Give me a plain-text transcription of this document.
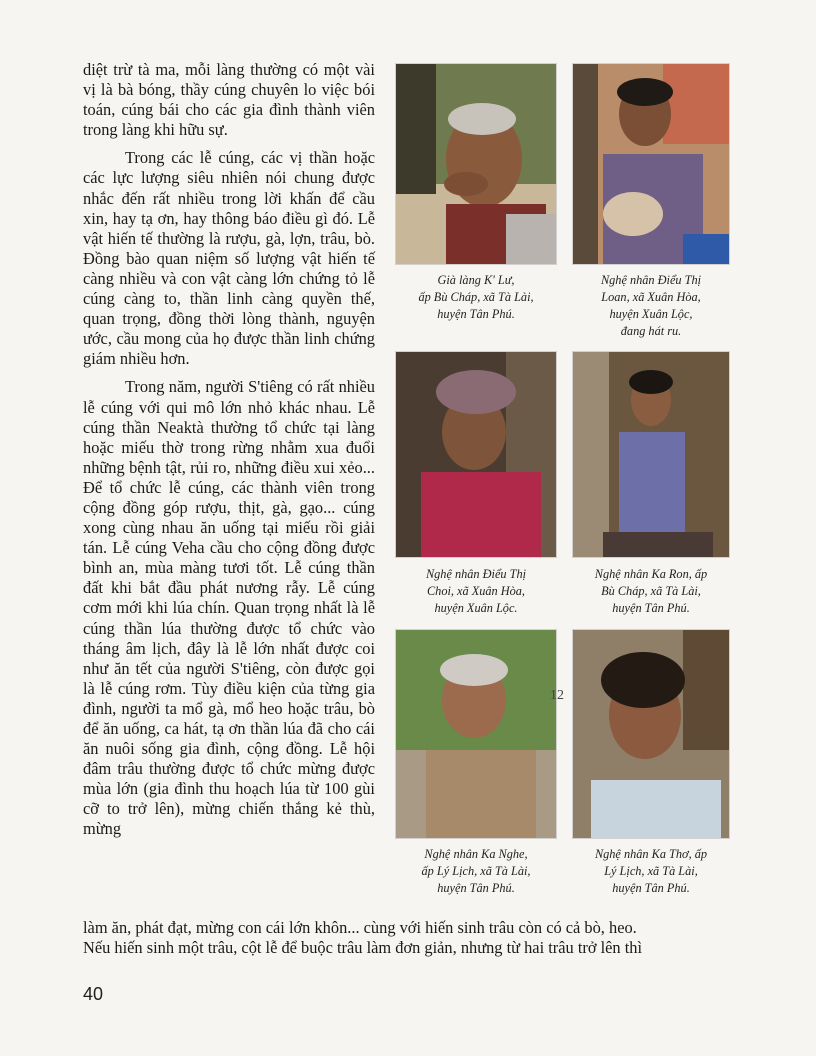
diệt trừ tà ma, mỗi làng thường có một vài vị là bà bóng, thầy cúng chuyên lo việc bói toán, cúng bái cho các gia đình thành viên trong làng khi hữu sự.

Trong các lễ cúng, các vị thần hoặc các lực lượng siêu nhiên nói chung được nhắc đến rất nhiều trong lời khấn để cầu xin, hay tạ ơn, hay thông báo điều gì đó. Lễ vật hiến tế thường là rượu, gà, lợn, trâu, bò. Đồng bào quan niệm số lượng vật hiến tế càng nhiều và con vật càng lớn chứng tỏ lễ cúng càng to, thần linh càng quyền thế, quan trọng, đồng thời lòng thành, nguyện ước, cầu mong của họ được thần linh chứng giám nhiều hơn.

Trong năm, người S'tiêng có rất nhiều lễ cúng với qui mô lớn nhỏ khác nhau. Lễ cúng thần Neaktà thường tổ chức tại làng hoặc miếu thờ trong rừng nhằm xua đuổi những bệnh tật, rủi ro, những điều xui xẻo... Để tổ chức lễ cúng, các thành viên trong cộng đồng góp rượu, thịt, gà, gạo... cúng xong cùng nhau ăn uống tại miếu rồi giải tán. Lễ cúng Veha cầu cho cộng đồng được bình an, mùa màng tươi tốt. Lễ cúng thần đất khi bắt đầu phát nương rẫy. Lễ cúng cơm mới khi lúa chín. Quan trọng nhất là lễ cúng thần lúa thường được tổ chức vào tháng âm lịch, đây là lễ lớn nhất được coi như ăn tết của người S'tiêng, còn được gọi là lễ cúng rơm. Tùy điều kiện của từng gia đình, người ta mổ gà, mổ heo hoặc trâu, bò để ăn uống, ca hát, tạ ơn thần lúa đã cho cái ăn nuôi sống gia đình, cộng đồng. Lễ hội đâm trâu thường được tổ chức mừng được mùa lớn (gia đình thu hoạch lúa từ 100 gùi cỡ to trở lên), mừng chiến thắng kẻ thù, mừng

làm ăn, phát đạt, mừng con cái lớn khôn... cùng với hiến sinh trâu còn có cả bò, heo.
Nếu hiến sinh một trâu, cột lễ để buộc trâu làm đơn giản, nhưng từ hai trâu trở lên thì
Già làng K' Lư,
ấp Bù Cháp, xã Tà Lài,
huyện Tân Phú.
Nghệ nhân Điểu Thị
Loan, xã Xuân Hòa,
huyện Xuân Lộc,
đang hát ru.
Nghệ nhân Điểu Thị
Choi, xã Xuân Hòa,
huyện Xuân Lộc.
Nghệ nhân Ka Ron, ấp
Bù Cháp, xã Tà Lài,
huyện Tân Phú.
Nghệ nhân Ka Nghe,
ấp Lý Lịch, xã Tà Lài,
huyện Tân Phú.
Nghệ nhân Ka Thơ, ấp
Lý Lịch, xã Tà Lài,
huyện Tân Phú.
12
40
